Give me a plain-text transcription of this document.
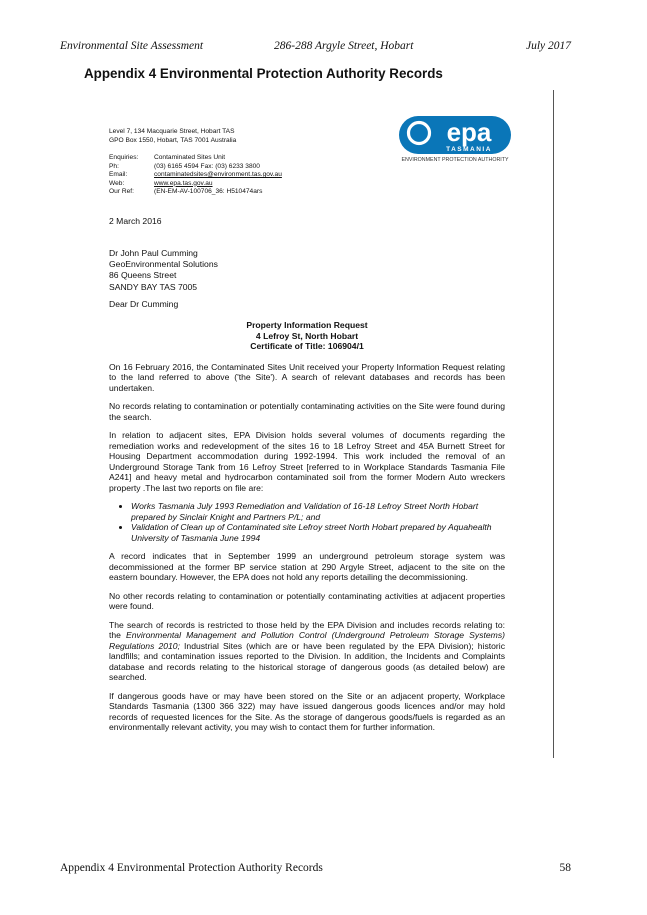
Environmental Site Assessment	286-288 Argyle Street, Hobart	July 2017
Appendix 4 Environmental Protection Authority Records
Level 7, 134 Macquarie Street, Hobart TAS
GPO Box 1550, Hobart, TAS 7001 Australia
Enquiries:	Contaminated Sites Unit
Ph:	(03) 6165 4594 Fax: (03) 6233 3800
Email:	contaminatedsites@environment.tas.gov.au
Web:	www.epa.tas.gov.au
Our Ref:	(EN-EM-AV-100706_36: H510474ars
epa
TASMANIA
ENVIRONMENT PROTECTION AUTHORITY
2 March 2016
Dr John Paul Cumming
GeoEnvironmental Solutions
86 Queens Street
SANDY BAY TAS 7005
Dear Dr Cumming
Property Information Request
4 Lefroy St, North Hobart
Certificate of Title: 106904/1

On 16 February 2016, the Contaminated Sites Unit received your Property Information Request relating to the land referred to above ('the Site'). A search of relevant databases and records has been undertaken.

No records relating to contamination or potentially contaminating activities on the Site were found during the search.

In relation to adjacent sites, EPA Division holds several volumes of documents regarding the remediation works and redevelopment of the sites 16 to 18 Lefroy Street and 45A Burnett Street for Housing Department accommodation during 1992-1994. This work included the removal of an Underground Storage Tank from 16 Lefroy Street [referred to in Workplace Standards Tasmania File A241] and heavy metal and hydrocarbon contaminated soil from the former Modern Auto wreckers property .The last two reports on file are:

• Works Tasmania July 1993 Remediation and Validation of 16-18 Lefroy Street North Hobart prepared by Sinclair Knight and Partners P/L; and
• Validation of Clean up of Contaminated site Lefroy street North Hobart prepared by Aquahealth University of Tasmania June 1994

A record indicates that in September 1999 an underground petroleum storage system was decommissioned at the former BP service station at 290 Argyle Street, adjacent to the site on the eastern boundary. However, the EPA does not hold any reports detailing the decommissioning.

No other records relating to contamination or potentially contaminating activities at adjacent properties were found.

The search of records is restricted to those held by the EPA Division and includes records relating to: the Environmental Management and Pollution Control (Underground Petroleum Storage Systems) Regulations 2010; Industrial Sites (which are or have been regulated by the EPA Division); historic landfills; and contamination issues reported to the Division. In addition, the Incidents and Complaints database and records relating to the historical storage of dangerous goods (as detailed below) are searched.

If dangerous goods have or may have been stored on the Site or an adjacent property, Workplace Standards Tasmania (1300 366 322) may have issued dangerous goods licences and/or may hold records of requested licences for the Site. As the storage of dangerous goods/fuels is regarded as an environmentally relevant activity, you may wish to contact them for further information.

Appendix 4 Environmental Protection Authority Records	58
